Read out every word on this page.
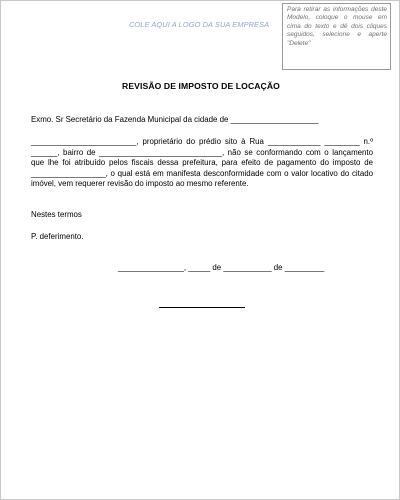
COLE AQUI A LOGO DA SUA EMPRESA
Para retirar as informações deste Modelo, coloque o mouse em cima do texto e dê dois cliques seguidos, selecione e aperte "Delete"
REVISÃO DE IMPOSTO DE LOCAÇÃO
Exmo. Sr Secretário da Fazenda Municipal da cidade de ____________________
________________________, proprietário do prédio sito à Rua ____________ ________ n.º ______, bairro de ____________________________, não se conformando com o lançamento que lhe foi atribuído pelos fiscais dessa prefeitura, para efeito de pagamento do imposto de _________________, o qual está em manifesta desconformidade com o valor locativo do citado imóvel, vem requerer revisão do imposto ao mesmo referente.
Nestes termos
P. deferimento.
_______________, _____ de ___________ de _________
